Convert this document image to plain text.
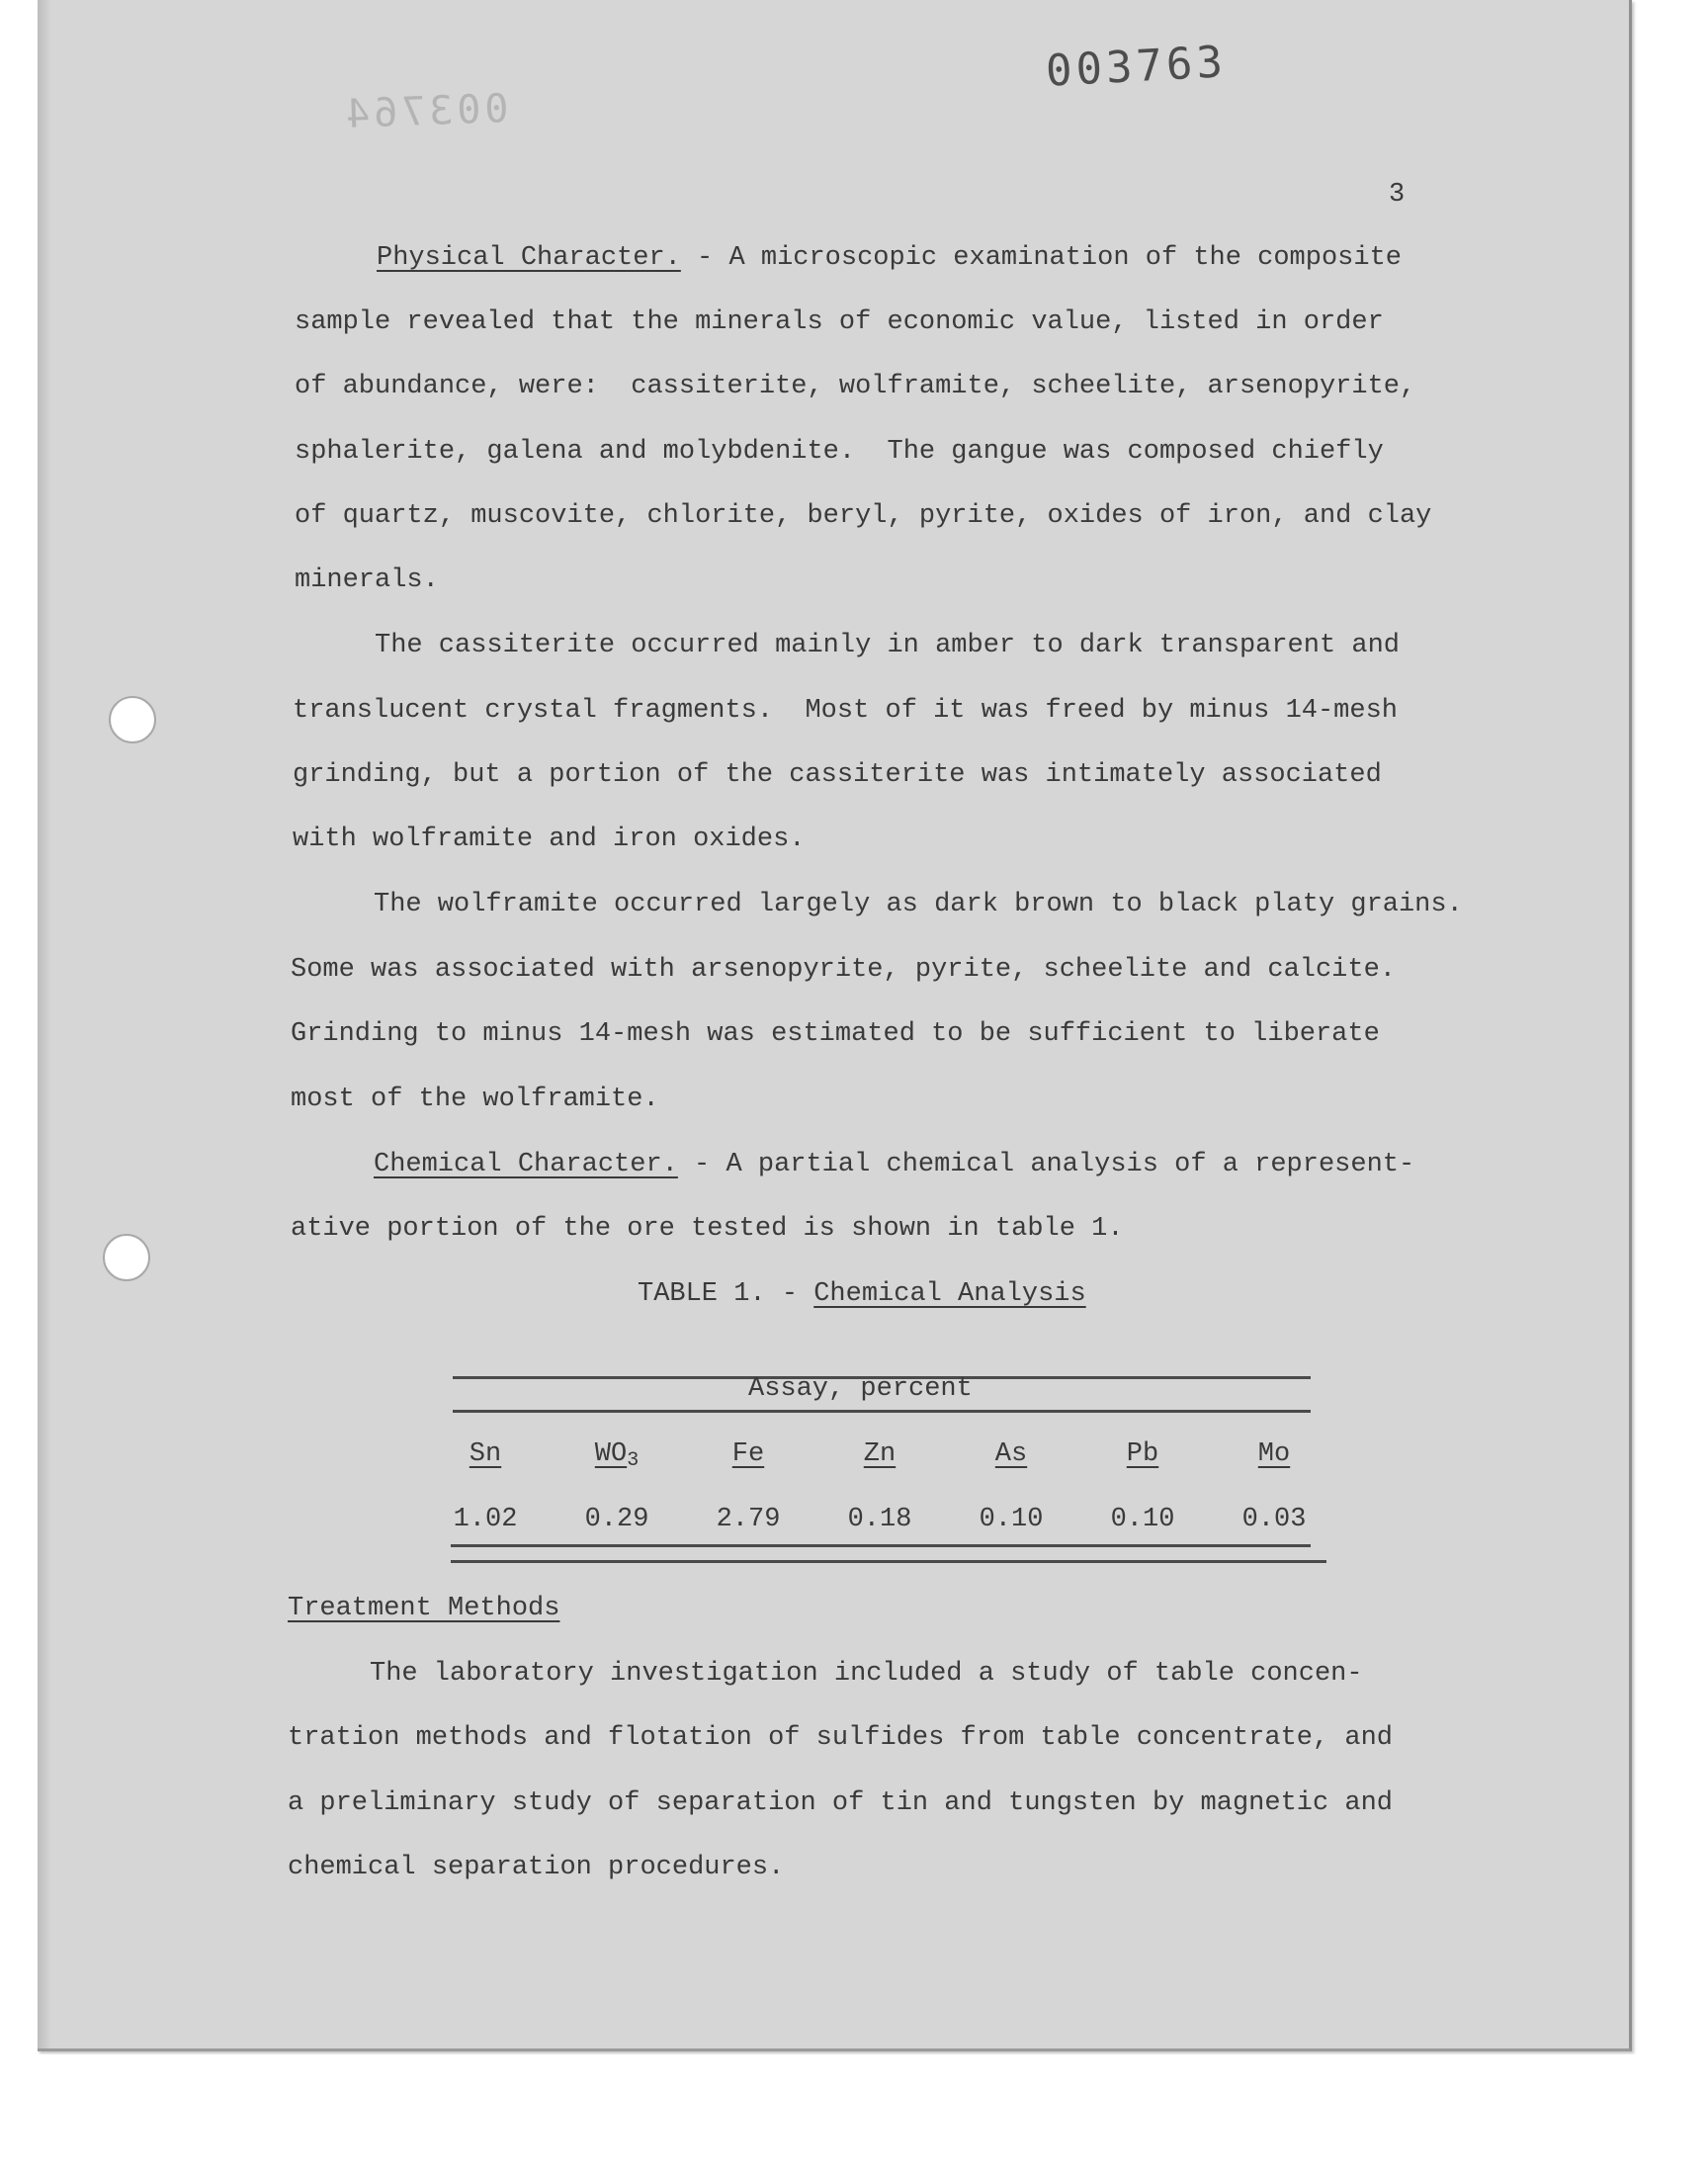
003763
003764
3
Physical Character. - A microscopic examination of the composite
sample revealed that the minerals of economic value, listed in order
of abundance, were:  cassiterite, wolframite, scheelite, arsenopyrite,
sphalerite, galena and molybdenite.  The gangue was composed chiefly
of quartz, muscovite, chlorite, beryl, pyrite, oxides of iron, and clay
minerals.
The cassiterite occurred mainly in amber to dark transparent and
translucent crystal fragments.  Most of it was freed by minus 14-mesh
grinding, but a portion of the cassiterite was intimately associated
with wolframite and iron oxides.
The wolframite occurred largely as dark brown to black platy grains.
Some was associated with arsenopyrite, pyrite, scheelite and calcite.
Grinding to minus 14-mesh was estimated to be sufficient to liberate
most of the wolframite.
Chemical Character. - A partial chemical analysis of a represent-
ative portion of the ore tested is shown in table 1.
TABLE 1. - Chemical Analysis
Assay, percent
Sn
1.02
$WO_3$
0.29
Fe
2.79
Zn
0.18
As
0.10
Pb
0.10
Mo
0.03
Treatment Methods
The laboratory investigation included a study of table concen-
tration methods and flotation of sulfides from table concentrate, and
a preliminary study of separation of tin and tungsten by magnetic and
chemical separation procedures.
